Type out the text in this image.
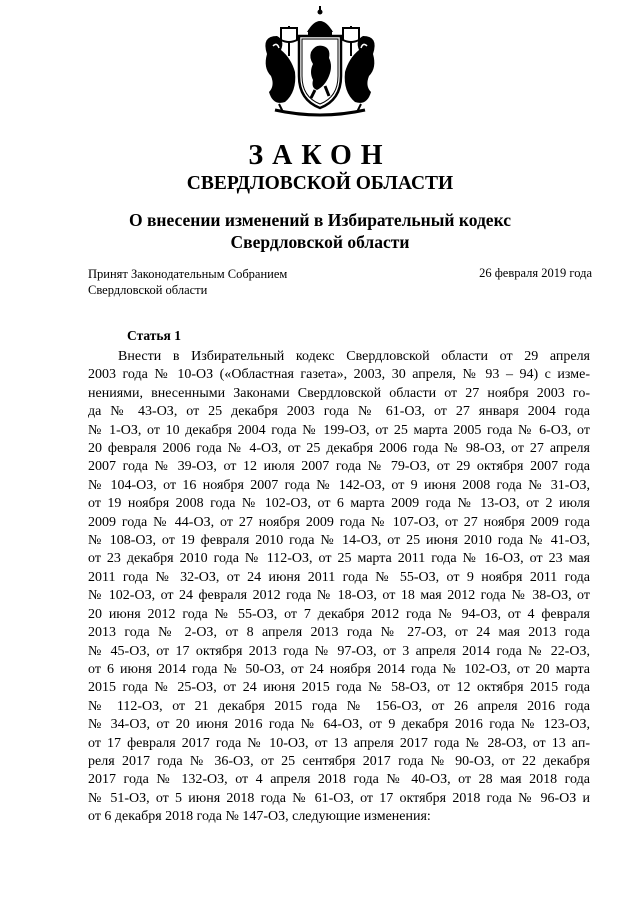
ЗАКОН
СВЕРДЛОВСКОЙ ОБЛАСТИ
О внесении изменений в Избирательный кодекс
Свердловской области
Принят Законодательным Собранием
Свердловской области
26 февраля 2019 года
Статья 1
Внести в Избирательный кодекс Свердловской области от 29 апреля
2003 года № 10-ОЗ («Областная газета», 2003, 30 апреля, № 93 – 94) с изме-
нениями, внесенными Законами Свердловской области от 27 ноября 2003 го-
да № 43-ОЗ, от 25 декабря 2003 года № 61-ОЗ, от 27 января 2004 года
№ 1-ОЗ, от 10 декабря 2004 года № 199-ОЗ, от 25 марта 2005 года № 6-ОЗ, от
20 февраля 2006 года № 4-ОЗ, от 25 декабря 2006 года № 98-ОЗ, от 27 апреля
2007 года № 39-ОЗ, от 12 июля 2007 года № 79-ОЗ, от 29 октября 2007 года
№ 104-ОЗ, от 16 ноября 2007 года № 142-ОЗ, от 9 июня 2008 года № 31-ОЗ,
от 19 ноября 2008 года № 102-ОЗ, от 6 марта 2009 года № 13-ОЗ, от 2 июля
2009 года № 44-ОЗ, от 27 ноября 2009 года № 107-ОЗ, от 27 ноября 2009 года
№ 108-ОЗ, от 19 февраля 2010 года № 14-ОЗ, от 25 июня 2010 года № 41-ОЗ,
от 23 декабря 2010 года № 112-ОЗ, от 25 марта 2011 года № 16-ОЗ, от 23 мая
2011 года № 32-ОЗ, от 24 июня 2011 года № 55-ОЗ, от 9 ноября 2011 года
№ 102-ОЗ, от 24 февраля 2012 года № 18-ОЗ, от 18 мая 2012 года № 38-ОЗ, от
20 июня 2012 года № 55-ОЗ, от 7 декабря 2012 года № 94-ОЗ, от 4 февраля
2013 года № 2-ОЗ, от 8 апреля 2013 года № 27-ОЗ, от 24 мая 2013 года
№ 45-ОЗ, от 17 октября 2013 года № 97-ОЗ, от 3 апреля 2014 года № 22-ОЗ,
от 6 июня 2014 года № 50-ОЗ, от 24 ноября 2014 года № 102-ОЗ, от 20 марта
2015 года № 25-ОЗ, от 24 июня 2015 года № 58-ОЗ, от 12 октября 2015 года
№ 112-ОЗ, от 21 декабря 2015 года № 156-ОЗ, от 26 апреля 2016 года
№ 34-ОЗ, от 20 июня 2016 года № 64-ОЗ, от 9 декабря 2016 года № 123-ОЗ,
от 17 февраля 2017 года № 10-ОЗ, от 13 апреля 2017 года № 28-ОЗ, от 13 ап-
реля 2017 года № 36-ОЗ, от 25 сентября 2017 года № 90-ОЗ, от 22 декабря
2017 года № 132-ОЗ, от 4 апреля 2018 года № 40-ОЗ, от 28 мая 2018 года
№ 51-ОЗ, от 5 июня 2018 года № 61-ОЗ, от 17 октября 2018 года № 96-ОЗ и
от 6 декабря 2018 года № 147-ОЗ, следующие изменения:
